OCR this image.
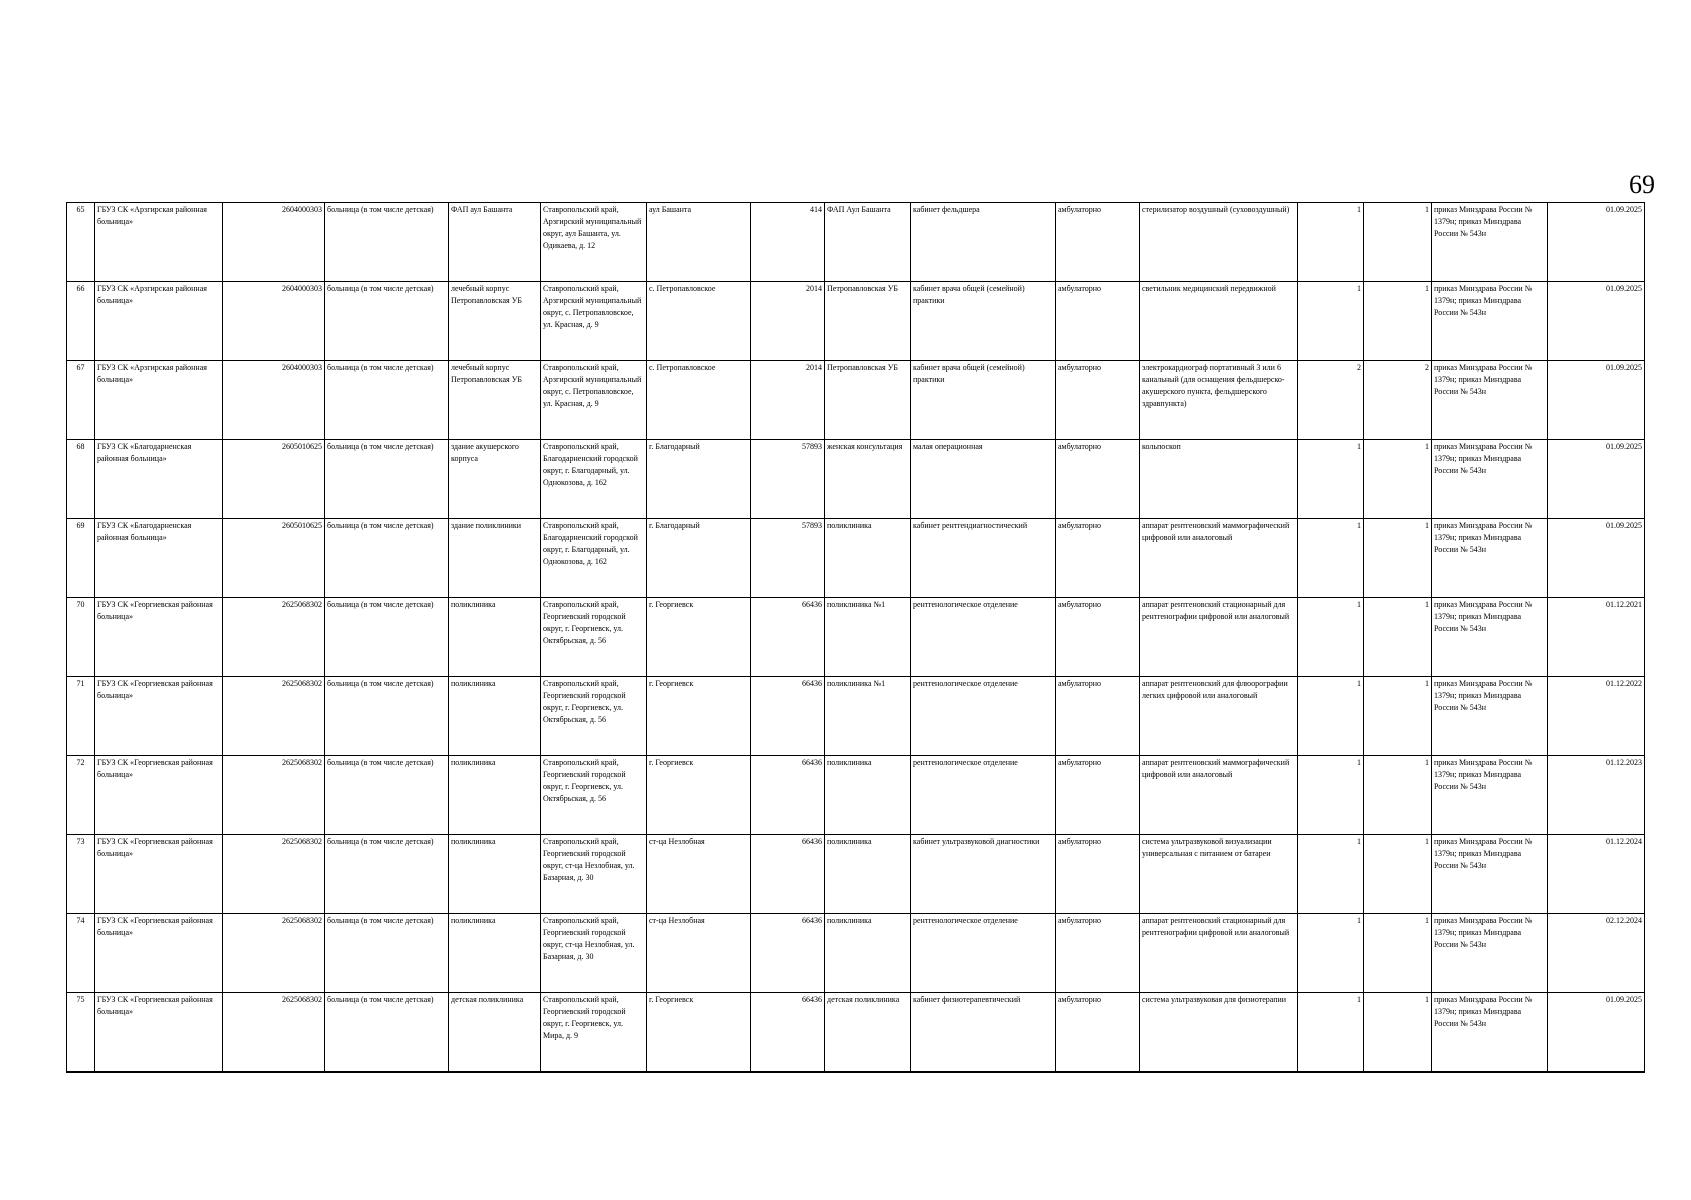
69
65	ГБУЗ СК «Арзгирская районная больница»	2604000303	больница (в том числе детская)	ФАП аул Башанта	Ставропольский край, Арзгирский муниципальный округ, аул Башанта, ул. Одикаева, д. 12	аул Башанта	414	ФАП Аул Башанта	кабинет фельдшера	амбулаторно	стерилизатор воздушный (суховоздушный)	1	1	приказ Минздрава России № 1379н; приказ Минздрава России № 543н	01.09.2025
66	ГБУЗ СК «Арзгирская районная больница»	2604000303	больница (в том числе детская)	лечебный корпус Петропавловская УБ	Ставропольский край, Арзгирский муниципальный округ, с. Петропавловское, ул. Красная, д. 9	с. Петропавловское	2014	Петропавловская УБ	кабинет врача общей (семейной) практики	амбулаторно	светильник медицинский передвижной	1	1	приказ Минздрава России № 1379н; приказ Минздрава России № 543н	01.09.2025
67	ГБУЗ СК «Арзгирская районная больница»	2604000303	больница (в том числе детская)	лечебный корпус Петропавловская УБ	Ставропольский край, Арзгирский муниципальный округ, с. Петропавловское, ул. Красная, д. 9	с. Петропавловское	2014	Петропавловская УБ	кабинет врача общей (семейной) практики	амбулаторно	электрокардиограф портативный 3 или 6 канальный (для оснащения фельдшерско-акушерского пункта, фельдшерского здравпункта)	2	2	приказ Минздрава России № 1379н; приказ Минздрава России № 543н	01.09.2025
68	ГБУЗ СК «Благодарненская районная больница»	2605010625	больница (в том числе детская)	здание акушерского корпуса	Ставропольский край, Благодарненский городской округ, г. Благодарный, ул. Однокозова, д. 162	г. Благодарный	57893	женская консультация	малая операционная	амбулаторно	кольпоскоп	1	1	приказ Минздрава России № 1379н; приказ Минздрава России № 543н	01.09.2025
69	ГБУЗ СК «Благодарненская районная больница»	2605010625	больница (в том числе детская)	здание поликлиники	Ставропольский край, Благодарненский городской округ, г. Благодарный, ул. Однокозова, д. 162	г. Благодарный	57893	поликлиника	кабинет рентгендиагностический	амбулаторно	аппарат рентгеновский маммографический цифровой или аналоговый	1	1	приказ Минздрава России № 1379н; приказ Минздрава России № 543н	01.09.2025
70	ГБУЗ СК «Георгиевская районная больница»	2625068302	больница (в том числе детская)	поликлиника	Ставропольский край, Георгиевский городской округ, г. Георгиевск, ул. Октябрьская, д. 56	г. Георгиевск	66436	поликлиника №1	рентгенологическое отделение	амбулаторно	аппарат рентгеновский стационарный для рентгенографии цифровой или аналоговый	1	1	приказ Минздрава России № 1379н; приказ Минздрава России № 543н	01.12.2021
71	ГБУЗ СК «Георгиевская районная больница»	2625068302	больница (в том числе детская)	поликлиника	Ставропольский край, Георгиевский городской округ, г. Георгиевск, ул. Октябрьская, д. 56	г. Георгиевск	66436	поликлиника №1	рентгенологическое отделение	амбулаторно	аппарат рентгеновский для флюорографии легких цифровой или аналоговый	1	1	приказ Минздрава России № 1379н; приказ Минздрава России № 543н	01.12.2022
72	ГБУЗ СК «Георгиевская районная больница»	2625068302	больница (в том числе детская)	поликлиника	Ставропольский край, Георгиевский городской округ, г. Георгиевск, ул. Октябрьская, д. 56	г. Георгиевск	66436	поликлиника	рентгенологическое отделение	амбулаторно	аппарат рентгеновский маммографический цифровой или аналоговый	1	1	приказ Минздрава России № 1379н; приказ Минздрава России № 543н	01.12.2023
73	ГБУЗ СК «Георгиевская районная больница»	2625068302	больница (в том числе детская)	поликлиника	Ставропольский край, Георгиевский городской округ, ст-ца Незлобная, ул. Базарная, д. 30	ст-ца Незлобная	66436	поликлиника	кабинет ультразвуковой диагностики	амбулаторно	система ультразвуковой визуализации универсальная с питанием от батареи	1	1	приказ Минздрава России № 1379н; приказ Минздрава России № 543н	01.12.2024
74	ГБУЗ СК «Георгиевская районная больница»	2625068302	больница (в том числе детская)	поликлиника	Ставропольский край, Георгиевский городской округ, ст-ца Незлобная, ул. Базарная, д. 30	ст-ца Незлобная	66436	поликлиника	рентгенологическое отделение	амбулаторно	аппарат рентгеновский стационарный для рентгенографии цифровой или аналоговый	1	1	приказ Минздрава России № 1379н; приказ Минздрава России № 543н	02.12.2024
75	ГБУЗ СК «Георгиевская районная больница»	2625068302	больница (в том числе детская)	детская поликлиника	Ставропольский край, Георгиевский городской округ, г. Георгиевск, ул. Мира, д. 9	г. Георгиевск	66436	детская поликлиника	кабинет физиотерапевтический	амбулаторно	система ультразвуковая для физиотерапии	1	1	приказ Минздрава России № 1379н; приказ Минздрава России № 543н	01.09.2025
